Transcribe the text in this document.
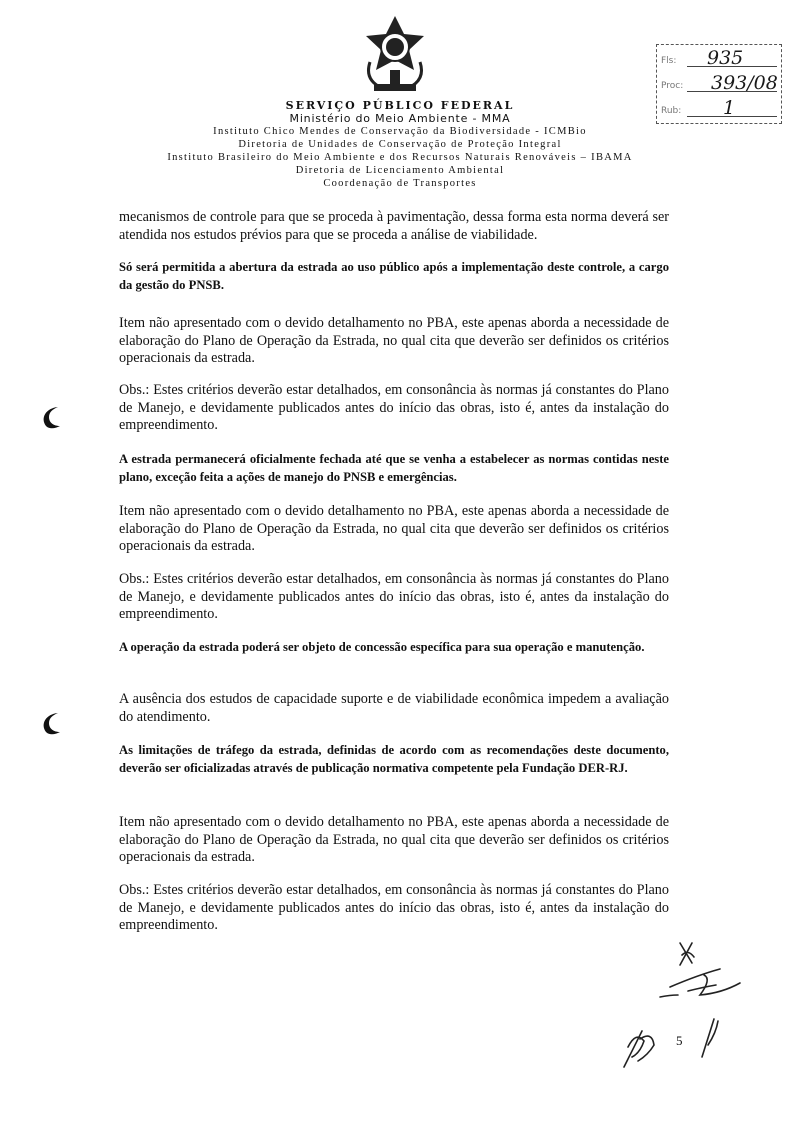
SERVIÇO PÚBLICO FEDERAL
Ministério do Meio Ambiente - MMA
Instituto Chico Mendes de Conservação da Biodiversidade - ICMBio
Diretoria de Unidades de Conservação de Proteção Integral
Instituto Brasileiro do Meio Ambiente e dos Recursos Naturais Renováveis – IBAMA
Diretoria de Licenciamento Ambiental
Coordenação de Transportes
Fls: 935
Proc: 393/08
Rub: 1

mecanismos de controle para que se proceda à pavimentação, dessa forma esta norma deverá ser atendida nos estudos prévios para que se proceda a análise de viabilidade.

Só será permitida a abertura da estrada ao uso público após a implementação deste controle, a cargo da gestão do PNSB.

Item não apresentado com o devido detalhamento no PBA, este apenas aborda a necessidade de elaboração do Plano de Operação da Estrada, no qual cita que deverão ser definidos os critérios operacionais da estrada.

Obs.: Estes critérios deverão estar detalhados, em consonância às normas já constantes do Plano de Manejo, e devidamente publicados antes do início das obras, isto é, antes da instalação do empreendimento.

A estrada permanecerá oficialmente fechada até que se venha a estabelecer as normas contidas neste plano, exceção feita a ações de manejo do PNSB e emergências.

Item não apresentado com o devido detalhamento no PBA, este apenas aborda a necessidade de elaboração do Plano de Operação da Estrada, no qual cita que deverão ser definidos os critérios operacionais da estrada.

Obs.: Estes critérios deverão estar detalhados, em consonância às normas já constantes do Plano de Manejo, e devidamente publicados antes do início das obras, isto é, antes da instalação do empreendimento.

A operação da estrada poderá ser objeto de concessão específica para sua operação e manutenção.

A ausência dos estudos de capacidade suporte e de viabilidade econômica impedem a avaliação do atendimento.

As limitações de tráfego da estrada, definidas de acordo com as recomendações deste documento, deverão ser oficializadas através de publicação normativa competente pela Fundação DER-RJ.

Item não apresentado com o devido detalhamento no PBA, este apenas aborda a necessidade de elaboração do Plano de Operação da Estrada, no qual cita que deverão ser definidos os critérios operacionais da estrada.

Obs.: Estes critérios deverão estar detalhados, em consonância às normas já constantes do Plano de Manejo, e devidamente publicados antes do início das obras, isto é, antes da instalação do empreendimento.

5
